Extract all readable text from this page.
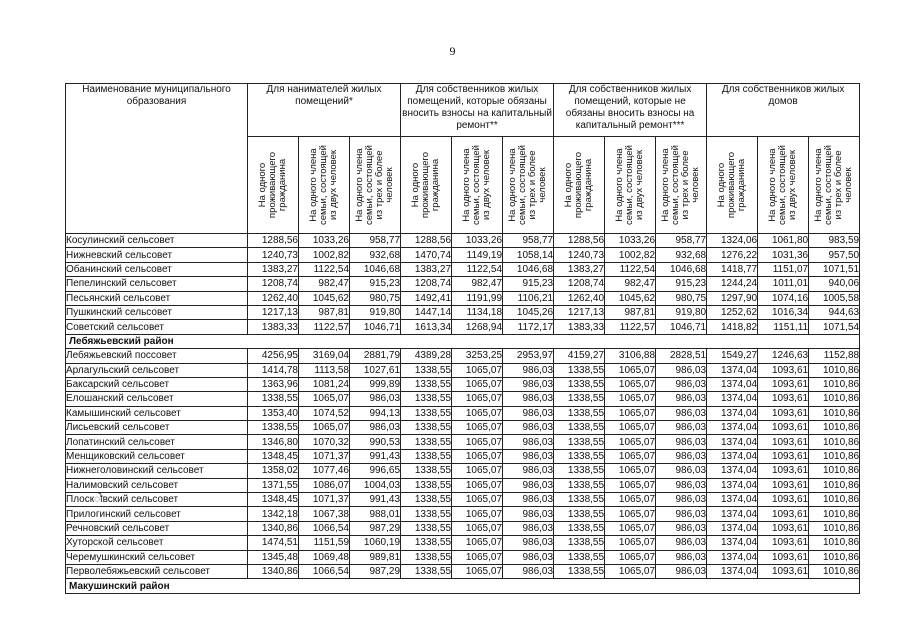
9
Наименование муниципального образования	Для нанимателей жилых помещений*			Для собственников жилых помещений, которые обязаны вносить взносы на капитальный ремонт**			Для собственников жилых помещений, которые не обязаны вносить взносы на капитальный ремонт***			Для собственников жилых домов		

	На одного проживающего гражданина	На одного члена семьи, состоящей из двух человек	На одного члена семьи, состоящей из трех и более человек	На одного проживающего гражданина	На одного члена семьи, состоящей из двух человек	На одного члена семьи, состоящей из трех и более человек	На одного проживающего гражданина	На одного члена семьи, состоящей из двух человек	На одного члена семьи, состоящей из трех и более человек	На одного проживающего гражданина	На одного члена семьи, состоящей из двух человек	На одного члена семьи, состоящей из трех и более человек

Косулинский сельсовет	1288,56	1033,26	958,77	1288,56	1033,26	958,77	1288,56	1033,26	958,77	1324,06	1061,80	983,59
Нижневский сельсовет	1240,73	1002,82	932,68	1470,74	1149,19	1058,14	1240,73	1002,82	932,68	1276,22	1031,36	957,50
Обанинский сельсовет	1383,27	1122,54	1046,68	1383,27	1122,54	1046,68	1383,27	1122,54	1046,68	1418,77	1151,07	1071,51
Пепелинский сельсовет	1208,74	982,47	915,23	1208,74	982,47	915,23	1208,74	982,47	915,23	1244,24	1011,01	940,06
Песьянский сельсовет	1262,40	1045,62	980,75	1492,41	1191,99	1106,21	1262,40	1045,62	980,75	1297,90	1074,16	1005,58
Пушкинский сельсовет	1217,13	987,81	919,80	1447,14	1134,18	1045,26	1217,13	987,81	919,80	1252,62	1016,34	944,63
Советский сельсовет	1383,33	1122,57	1046,71	1613,34	1268,94	1172,17	1383,33	1122,57	1046,71	1418,82	1151,11	1071,54
Лебяжьевский район												
Лебяжьевский поссовет	4256,95	3169,04	2881,79	4389,28	3253,25	2953,97	4159,27	3106,88	2828,51	1549,27	1246,63	1152,88
Арлагульский сельсовет	1414,78	1113,58	1027,61	1338,55	1065,07	986,03	1338,55	1065,07	986,03	1374,04	1093,61	1010,86
Баксарский сельсовет	1363,96	1081,24	999,89	1338,55	1065,07	986,03	1338,55	1065,07	986,03	1374,04	1093,61	1010,86
Елошанский сельсовет	1338,55	1065,07	986,03	1338,55	1065,07	986,03	1338,55	1065,07	986,03	1374,04	1093,61	1010,86
Камышинский сельсовет	1353,40	1074,52	994,13	1338,55	1065,07	986,03	1338,55	1065,07	986,03	1374,04	1093,61	1010,86
Лисьевский сельсовет	1338,55	1065,07	986,03	1338,55	1065,07	986,03	1338,55	1065,07	986,03	1374,04	1093,61	1010,86
Лопатинский сельсовет	1346,80	1070,32	990,53	1338,55	1065,07	986,03	1338,55	1065,07	986,03	1374,04	1093,61	1010,86
Менщиковский сельсовет	1348,45	1071,37	991,43	1338,55	1065,07	986,03	1338,55	1065,07	986,03	1374,04	1093,61	1010,86
Нижнеголовинский сельсовет	1358,02	1077,46	996,65	1338,55	1065,07	986,03	1338,55	1065,07	986,03	1374,04	1093,61	1010,86
Налимовский сельсовет	1371,55	1086,07	1004,03	1338,55	1065,07	986,03	1338,55	1065,07	986,03	1374,04	1093,61	1010,86
Плоскोвский сельсовет	1348,45	1071,37	991,43	1338,55	1065,07	986,03	1338,55	1065,07	986,03	1374,04	1093,61	1010,86
Прилогинский сельсовет	1342,18	1067,38	988,01	1338,55	1065,07	986,03	1338,55	1065,07	986,03	1374,04	1093,61	1010,86
Речновский сельсовет	1340,86	1066,54	987,29	1338,55	1065,07	986,03	1338,55	1065,07	986,03	1374,04	1093,61	1010,86
Хуторской сельсовет	1474,51	1151,59	1060,19	1338,55	1065,07	986,03	1338,55	1065,07	986,03	1374,04	1093,61	1010,86
Черемушкинский сельсовет	1345,48	1069,48	989,81	1338,55	1065,07	986,03	1338,55	1065,07	986,03	1374,04	1093,61	1010,86
Перволебяжьевский сельсовет	1340,86	1066,54	987,29	1338,55	1065,07	986,03	1338,55	1065,07	986,03	1374,04	1093,61	1010,86
Макушинский район												
